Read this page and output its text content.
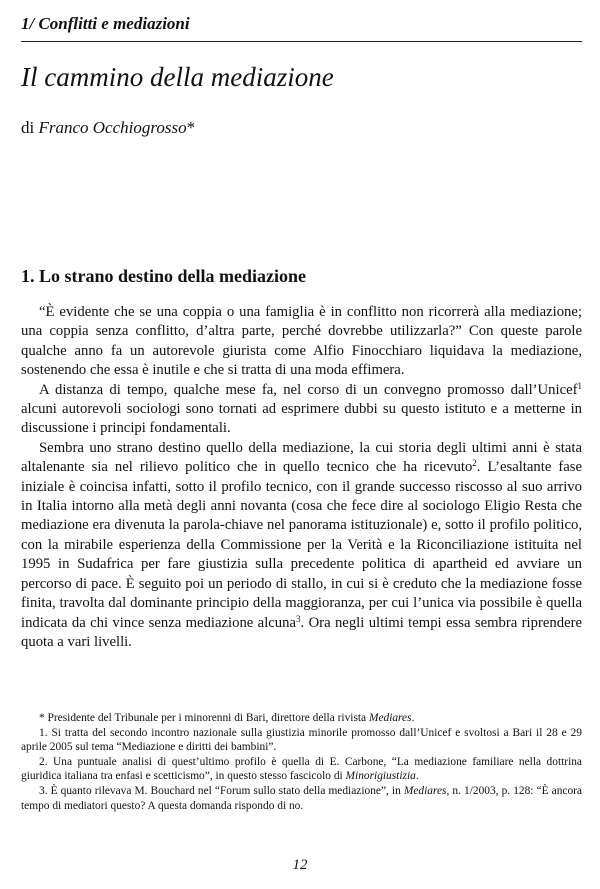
1/ Conflitti e mediazioni
Il cammino della mediazione
di Franco Occhiogrosso*
1. Lo strano destino della mediazione

“È evidente che se una coppia o una famiglia è in conflitto non ricorrerà alla mediazione; una coppia senza conflitto, d’altra parte, perché dovrebbe utilizzarla?” Con queste parole qualche anno fa un autorevole giurista come Alfio Finocchiaro liquidava la mediazione, sostenendo che essa è inutile e che si tratta di una moda effimera.

A distanza di tempo, qualche mese fa, nel corso di un convegno promosso dall’Unicef$^1$ alcuni autorevoli sociologi sono tornati ad esprimere dubbi su questo istituto e a metterne in discussione i principi fondamentali.

Sembra uno strano destino quello della mediazione, la cui storia degli ultimi anni è stata altalenante sia nel rilievo politico che in quello tecnico che ha ricevuto$^2$. L’esaltante fase iniziale è coincisa infatti, sotto il profilo tecnico, con il grande successo riscosso al suo arrivo in Italia intorno alla metà degli anni novanta (cosa che fece dire al sociologo Eligio Resta che mediazione era divenuta la parola-chiave nel panorama istituzionale) e, sotto il profilo politico, con la mirabile esperienza della Commissione per la Verità e la Riconciliazione istituita nel 1995 in Sudafrica per fare giustizia sulla precedente politica di apartheid ed avviare un percorso di pace. È seguito poi un periodo di stallo, in cui si è creduto che la mediazione fosse finita, travolta dal dominante principio della maggioranza, per cui l’unica via possibile è quella indicata da chi vince senza mediazione alcuna$^3$. Ora negli ultimi tempi essa sembra riprendere quota a vari livelli.

* Presidente del Tribunale per i minorenni di Bari, direttore della rivista Mediares.

1. Si tratta del secondo incontro nazionale sulla giustizia minorile promosso dall’Unicef e svoltosi a Bari il 28 e 29 aprile 2005 sul tema “Mediazione e diritti dei bambini”.

2. Una puntuale analisi di quest’ultimo profilo è quella di E. Carbone, “La mediazione familiare nella dottrina giuridica italiana tra enfasi e scetticismo”, in questo stesso fascicolo di Minorigiustizia.

3. È quanto rilevava M. Bouchard nel “Forum sullo stato della mediazione”, in Mediares, n. 1/2003, p. 128: “È ancora tempo di mediatori questo? A questa domanda rispondo di no.

12
